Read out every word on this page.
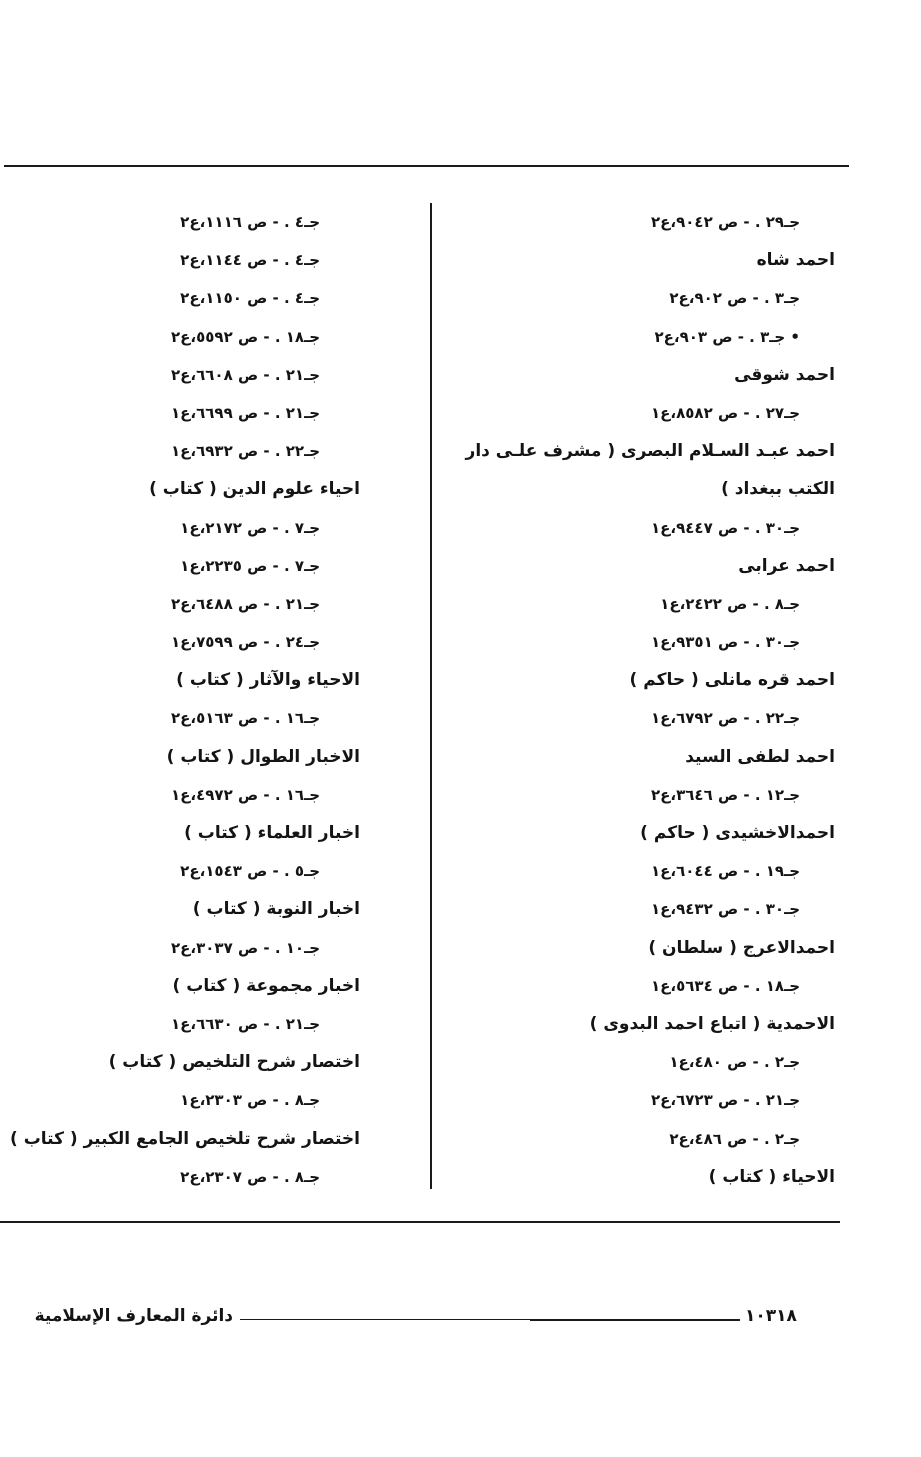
جـ٢٩ . - ص ٩٠٤٢،ع٢
احمد شاه
جـ٣ . - ص ٩٠٢،ع٢
• جـ٣ . - ص ٩٠٣،ع٢
احمد شوقى
جـ٢٧ . - ص ٨٥٨٢،ع١
احمد عبـد السـلام البصرى ( مشرف علـى دار الكتب ببغداد )
جـ٣٠ . - ص ٩٤٤٧،ع١
احمد عرابى
جـ٨ . - ص ٢٤٢٢،ع١
جـ٣٠ . - ص ٩٣٥١،ع١
احمد قره مانلى ( حاكم )
جـ٢٢ . - ص ٦٧٩٢،ع١
احمد لطفى السيد
جـ١٢ . - ص ٣٦٤٦،ع٢
احمدالاخشيدى ( حاكم )
جـ١٩ . - ص ٦٠٤٤،ع١
جـ٣٠ . - ص ٩٤٣٢،ع١
احمدالاعرج ( سلطان )
جـ١٨ . - ص ٥٦٣٤،ع١
الاحمدية ( اتباع احمد البدوى )
جـ٢ . - ص ٤٨٠،ع١
جـ٢١ . - ص ٦٧٢٣،ع٢
جـ٢ . - ص ٤٨٦،ع٢
الاحياء ( كتاب )
جـ٤ . - ص ١١١٦،ع٢
جـ٤ . - ص ١١٤٤،ع٢
جـ٤ . - ص ١١٥٠،ع٢
جـ١٨ . - ص ٥٥٩٢،ع٢
جـ٢١ . - ص ٦٦٠٨،ع٢
جـ٢١ . - ص ٦٦٩٩،ع١
جـ٢٢ . - ص ٦٩٣٢،ع١
احياء علوم الدين ( كتاب )
جـ٧ . - ص ٢١٧٢،ع١
جـ٧ . - ص ٢٢٣٥،ع١
جـ٢١ . - ص ٦٤٨٨،ع٢
جـ٢٤ . - ص ٧٥٩٩،ع١
الاحياء والآثار ( كتاب )
جـ١٦ . - ص ٥١٦٣،ع٢
الاخبار الطوال ( كتاب )
جـ١٦ . - ص ٤٩٧٢،ع١
اخبار العلماء ( كتاب )
جـ٥ . - ص ١٥٤٣،ع٢
اخبار النوبة ( كتاب )
جـ١٠ . - ص ٣٠٣٧،ع٢
اخبار مجموعة ( كتاب )
جـ٢١ . - ص ٦٦٣٠،ع١
اختصار شرح التلخيص ( كتاب )
جـ٨ . - ص ٢٣٠٣،ع١
اختصار شرح تلخيص الجامع الكبير ( كتاب )
جـ٨ . - ص ٢٣٠٧،ع٢
١٠٣١٨
دائرة المعارف الإسلامية
